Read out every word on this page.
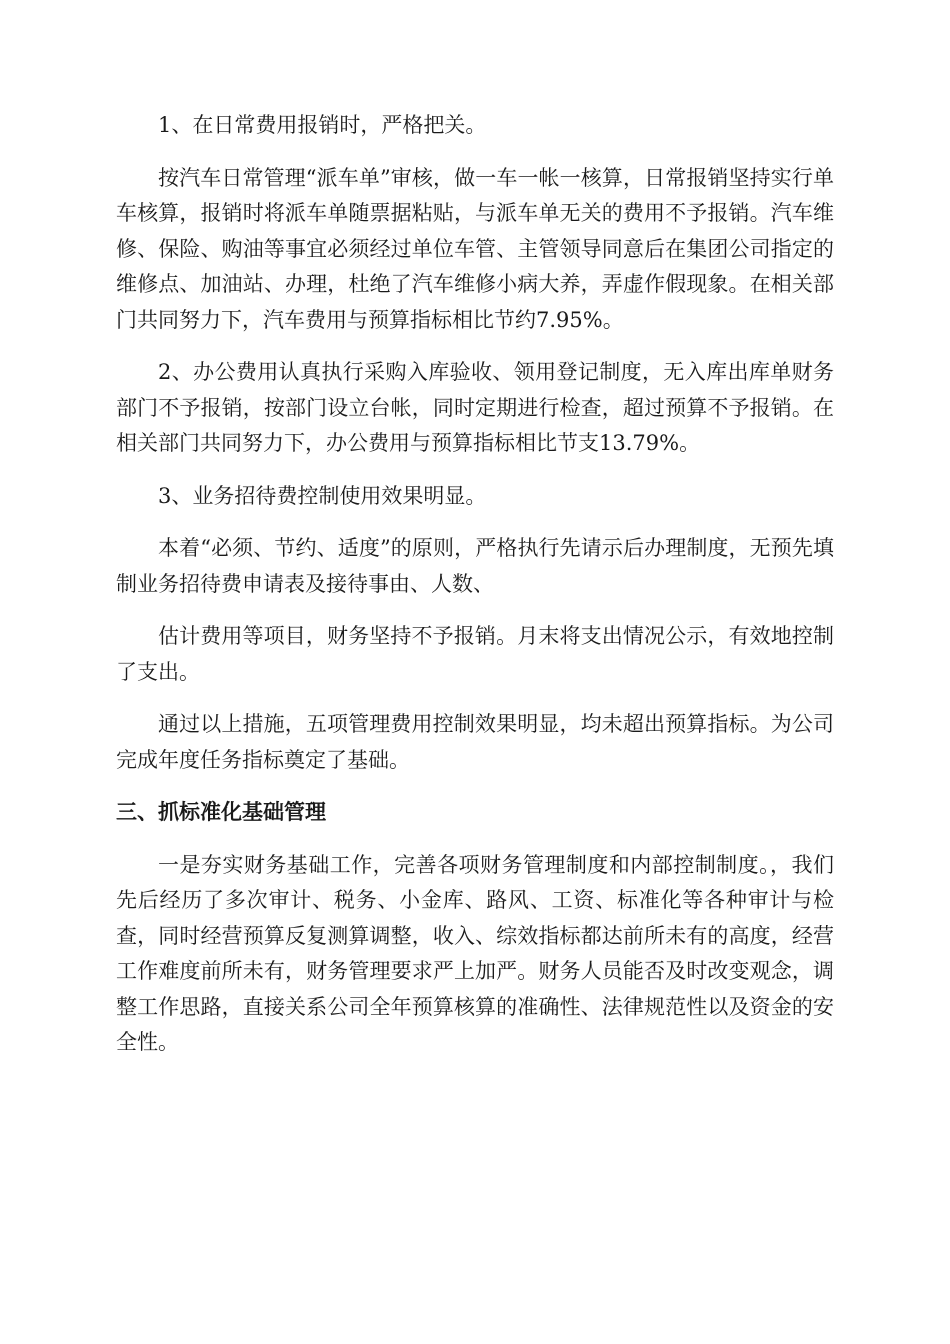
1、在日常费用报销时，严格把关。

按汽车日常管理“派车单”审核，做一车一帐一核算，日常报销坚持实行单车核算，报销时将派车单随票据粘贴，与派车单无关的费用不予报销。汽车维修、保险、购油等事宜必须经过单位车管、主管领导同意后在集团公司指定的维修点、加油站、办理，杜绝了汽车维修小病大养，弄虚作假现象。在相关部门共同努力下，汽车费用与预算指标相比节约7.95%。

2、办公费用认真执行采购入库验收、领用登记制度，无入库出库单财务部门不予报销，按部门设立台帐，同时定期进行检查，超过预算不予报销。在相关部门共同努力下，办公费用与预算指标相比节支13.79%。

3、业务招待费控制使用效果明显。

本着“必须、节约、适度”的原则，严格执行先请示后办理制度，无预先填制业务招待费申请表及接待事由、人数、

估计费用等项目，财务坚持不予报销。月末将支出情况公示，有效地控制了支出。

通过以上措施，五项管理费用控制效果明显，均未超出预算指标。为公司完成年度任务指标奠定了基础。

三、抓标准化基础管理

一是夯实财务基础工作，完善各项财务管理制度和内部控制制度。，我们先后经历了多次审计、税务、小金库、路风、工资、标准化等各种审计与检查，同时经营预算反复测算调整，收入、综效指标都达前所未有的高度，经营工作难度前所未有，财务管理要求严上加严。财务人员能否及时改变观念，调整工作思路，直接关系公司全年预算核算的准确性、法律规范性以及资金的安全性。
